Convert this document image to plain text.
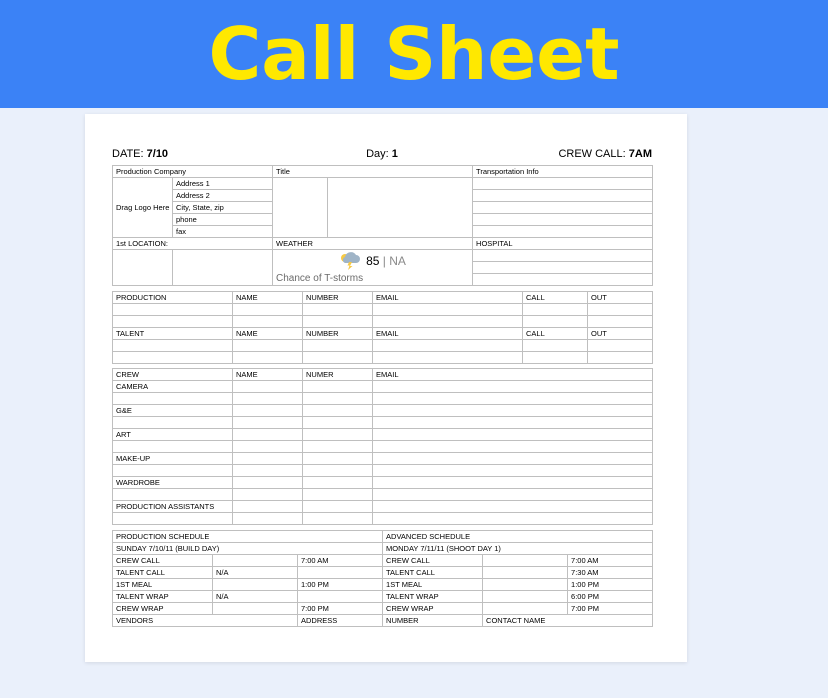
Call Sheet
DATE: 7/10	Day: 1	CREW CALL: 7AM
Production Company		Title		Transportation Info
Drag Logo Here	Address 1			
	Address 2			
	City, State, zip			
	phone			
	fax			
1st LOCATION:		WEATHER		HOSPITAL

		85 | NA
Chance of T-storms		

PRODUCTION	NAME	NUMBER	EMAIL	CALL	OUT

TALENT	NAME	NUMBER	EMAIL	CALL	OUT

CREW	NAME	NUMER	EMAIL
CAMERA			

G&E			

ART			

MAKE-UP			

WARDROBE			

PRODUCTION ASSISTANTS			

PRODUCTION SCHEDULE			ADVANCED SCHEDULE		
SUNDAY 7/10/11 (BUILD DAY)			MONDAY 7/11/11 (SHOOT DAY 1)		
CREW CALL		7:00 AM	CREW CALL		7:00 AM
TALENT CALL	N/A		TALENT CALL		7:30 AM
1ST MEAL		1:00 PM	1ST MEAL		1:00 PM
TALENT WRAP	N/A		TALENT WRAP		6:00 PM
CREW WRAP		7:00 PM	CREW WRAP		7:00 PM
VENDORS		ADDRESS	NUMBER	CONTACT NAME	
